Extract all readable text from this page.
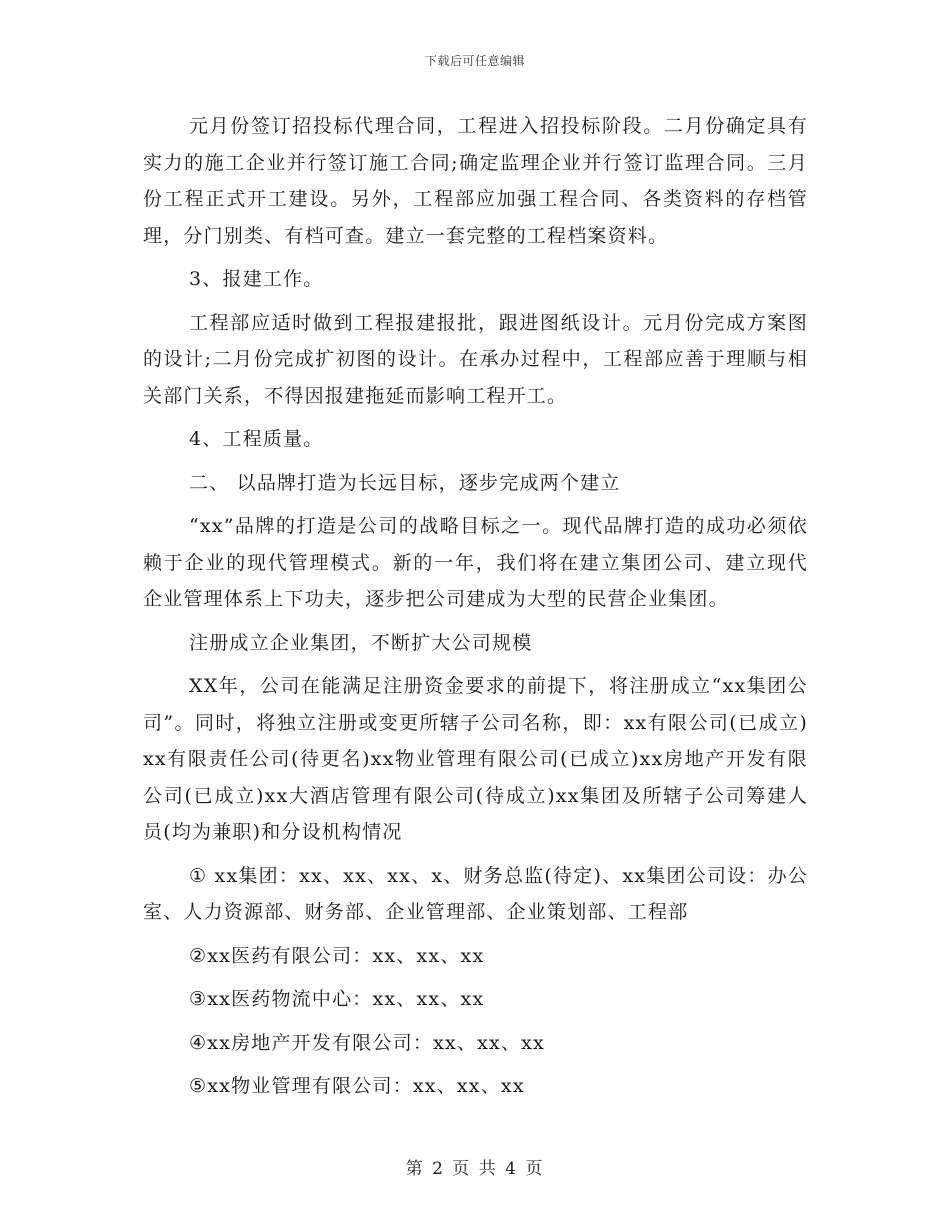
下载后可任意编辑

元月份签订招投标代理合同，工程进入招投标阶段。二月份确定具有实力的施工企业并行签订施工合同;确定监理企业并行签订监理合同。三月份工程正式开工建设。另外，工程部应加强工程合同、各类资料的存档管理，分门别类、有档可查。建立一套完整的工程档案资料。

3、报建工作。

工程部应适时做到工程报建报批，跟进图纸设计。元月份完成方案图的设计;二月份完成扩初图的设计。在承办过程中，工程部应善于理顺与相关部门关系，不得因报建拖延而影响工程开工。

4、工程质量。

二、 以品牌打造为长远目标，逐步完成两个建立

“xx”品牌的打造是公司的战略目标之一。现代品牌打造的成功必须依赖于企业的现代管理模式。新的一年，我们将在建立集团公司、建立现代企业管理体系上下功夫，逐步把公司建成为大型的民营企业集团。

注册成立企业集团，不断扩大公司规模

XX年，公司在能满足注册资金要求的前提下，将注册成立“xx集团公司”。同时，将独立注册或变更所辖子公司名称，即：xx有限公司(已成立)xx有限责任公司(待更名)xx物业管理有限公司(已成立)xx房地产开发有限公司(已成立)xx大酒店管理有限公司(待成立)xx集团及所辖子公司筹建人员(均为兼职)和分设机构情况

① xx集团：xx、xx、xx、x、财务总监(待定)、xx集团公司设：办公室、人力资源部、财务部、企业管理部、企业策划部、工程部

②xx医药有限公司：xx、xx、xx

③xx医药物流中心：xx、xx、xx

④xx房地产开发有限公司：xx、xx、xx

⑤xx物业管理有限公司：xx、xx、xx

第 2 页 共 4 页
